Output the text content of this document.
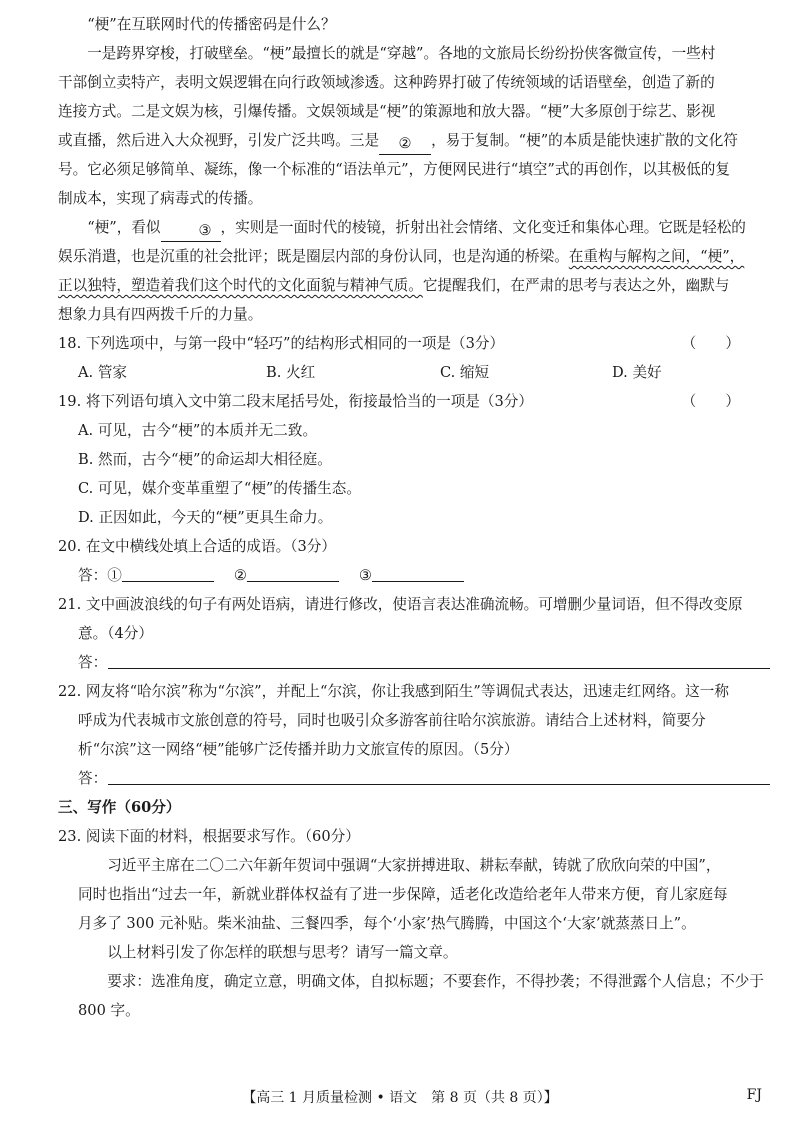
“梗”在互联网时代的传播密码是什么？
一是跨界穿梭，打破壁垒。“梗”最擅长的就是“穿越”。各地的文旅局长纷纷扮侠客微宣传，一些村
干部倒立卖特产，表明文娱逻辑在向行政领域渗透。这种跨界打破了传统领域的话语壁垒，创造了新的
连接方式。二是文娱为核，引爆传播。文娱领域是“梗”的策源地和放大器。“梗”大多原创于综艺、影视
或直播，然后进入大众视野，引发广泛共鸣。三是 ② ，易于复制。“梗”的本质是能快速扩散的文化符
号。它必须足够简单、凝练，像一个标准的“语法单元”，方便网民进行“填空”式的再创作，以其极低的复
制成本，实现了病毒式的传播。
“梗”，看似	③ ，实则是一面时代的棱镜，折射出社会情绪、文化变迁和集体心理。它既是轻松的
娱乐消遣，也是沉重的社会批评；既是圈层内部的身份认同，也是沟通的桥梁。在重构与解构之间，“梗”，
正以独特，塑造着我们这个时代的文化面貌与精神气质。它提醒我们，在严肃的思考与表达之外，幽默与
想象力具有四两拨千斤的力量。
18. 下列选项中，与第一段中“轻巧”的结构形式相同的一项是（3分）	（　　）
A. 管家	B. 火红	C. 缩短	D. 美好
19. 将下列语句填入文中第二段末尾括号处，衔接最恰当的一项是（3分）	（　　）
A. 可见，古今“梗”的本质并无二致。
B. 然而，古今“梗”的命运却大相径庭。
C. 可见，媒介变革重塑了“梗”的传播生态。
D. 正因如此，今天的“梗”更具生命力。
20. 在文中横线处填上合适的成语。（3分）
答：①	②	③
21. 文中画波浪线的句子有两处语病，请进行修改，使语言表达准确流畅。可增删少量词语，但不得改变原
意。（4分）
答：
22. 网友将“哈尔滨”称为“尔滨”，并配上“尔滨，你让我感到陌生”等调侃式表达，迅速走红网络。这一称
呼成为代表城市文旅创意的符号，同时也吸引众多游客前往哈尔滨旅游。请结合上述材料，简要分
析“尔滨”这一网络“梗”能够广泛传播并助力文旅宣传的原因。（5分）
答：
三、写作（60分）
23. 阅读下面的材料，根据要求写作。（60分）
习近平主席在二〇二六年新年贺词中强调“大家拼搏进取、耕耘奉献，铸就了欣欣向荣的中国”，
同时也指出“过去一年，新就业群体权益有了进一步保障，适老化改造给老年人带来方便，育儿家庭每
月多了 300 元补贴。柴米油盐、三餐四季，每个‘小家’热气腾腾，中国这个‘大家’就蒸蒸日上”。
以上材料引发了你怎样的联想与思考？请写一篇文章。
要求：选准角度，确定立意，明确文体，自拟标题；不要套作，不得抄袭；不得泄露个人信息；不少于
800 字。
【高三 1 月质量检测 • 语文　第 8 页（共 8 页）】	FJ
